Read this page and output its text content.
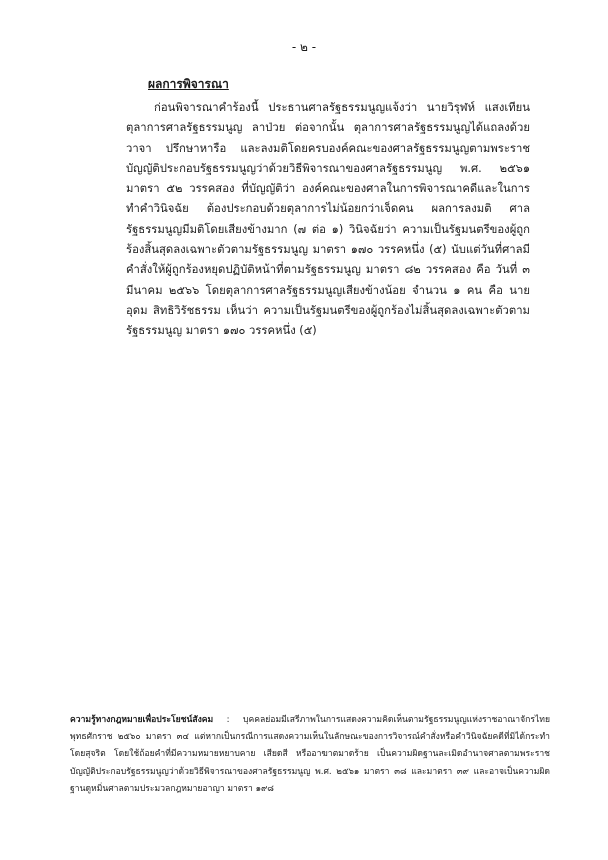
- ๒ -
ผลการพิจารณา

ก่อนพิจารณาคำร้องนี้ ประธานศาลรัฐธรรมนูญแจ้งว่า นายวิรุฬห์ แสงเทียน ตุลาการศาลรัฐธรรมนูญ ลาป่วย ต่อจากนั้น ตุลาการศาลรัฐธรรมนูญได้แถลงด้วยวาจา ปรึกษาหารือ และลงมติโดยครบองค์คณะของศาลรัฐธรรมนูญตามพระราชบัญญัติประกอบรัฐธรรมนูญว่าด้วยวิธีพิจารณาของศาลรัฐธรรมนูญ พ.ศ. ๒๕๖๑ มาตรา ๕๒ วรรคสอง ที่บัญญัติว่า องค์คณะของศาลในการพิจารณาคดีและในการทำคำวินิจฉัย ต้องประกอบด้วยตุลาการไม่น้อยกว่าเจ็ดคน ผลการลงมติ ศาลรัฐธรรมนูญมีมติโดยเสียงข้างมาก (๗ ต่อ ๑) วินิจฉัยว่า ความเป็นรัฐมนตรีของผู้ถูกร้องสิ้นสุดลงเฉพาะตัวตามรัฐธรรมนูญ มาตรา ๑๗๐ วรรคหนึ่ง (๕) นับแต่วันที่ศาลมีคำสั่งให้ผู้ถูกร้องหยุดปฏิบัติหน้าที่ตามรัฐธรรมนูญ มาตรา ๘๒ วรรคสอง คือ วันที่ ๓ มีนาคม ๒๕๖๖ โดยตุลาการศาลรัฐธรรมนูญเสียงข้างน้อย จำนวน ๑ คน คือ นายอุดม สิทธิวิรัชธรรม เห็นว่า ความเป็นรัฐมนตรีของผู้ถูกร้องไม่สิ้นสุดลงเฉพาะตัวตามรัฐธรรมนูญ มาตรา ๑๗๐ วรรคหนึ่ง (๕)

ความรู้ทางกฎหมายเพื่อประโยชน์สังคม : บุคคลย่อมมีเสรีภาพในการแสดงความคิดเห็นตามรัฐธรรมนูญแห่งราชอาณาจักรไทย พุทธศักราช ๒๕๖๐ มาตรา ๓๔ แต่หากเป็นกรณีการแสดงความเห็นในลักษณะของการวิจารณ์คำสั่งหรือคำวินิจฉัยคดีที่มิได้กระทำโดยสุจริต โดยใช้ถ้อยคำที่มีความหมายหยาบคาย เสียดสี หรืออาฆาตมาดร้าย เป็นความผิดฐานละเมิดอำนาจศาลตามพระราชบัญญัติประกอบรัฐธรรมนูญว่าด้วยวิธีพิจารณาของศาลรัฐธรรมนูญ พ.ศ. ๒๕๖๑ มาตรา ๓๘ และมาตรา ๓๙ และอาจเป็นความผิดฐานดูหมิ่นศาลตามประมวลกฎหมายอาญา มาตรา ๑๙๘
